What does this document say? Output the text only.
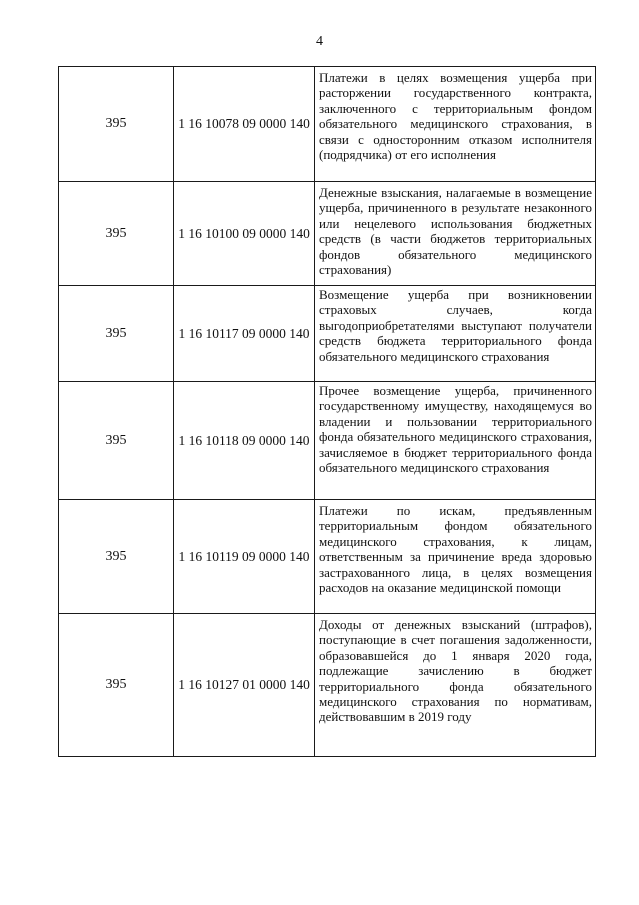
4
395	1 16 10078 09 0000 140	Платежи в целях возмещения ущерба при расторжении государственного контракта, заключенного с территориальным фондом обязательного медицинского страхования, в связи с односторонним отказом исполнителя (подрядчика) от его исполнения
395	1 16 10100 09 0000 140	Денежные взыскания, налагаемые в возмещение ущерба, причиненного в результате незаконного или нецелевого использования бюджетных средств (в части бюджетов территориальных фондов обязательного медицинского страхования)
395	1 16 10117 09 0000 140	Возмещение ущерба при возникновении страховых случаев, когда выгодоприобретателями выступают получатели средств бюджета территориального фонда обязательного медицинского страхования
395	1 16 10118 09 0000 140	Прочее возмещение ущерба, причиненного государственному имуществу, находящемуся во владении и пользовании территориального фонда обязательного медицинского страхования, зачисляемое в бюджет территориального фонда обязательного медицинского страхования
395	1 16 10119 09 0000 140	Платежи по искам, предъявленным территориальным фондом обязательного медицинского страхования, к лицам, ответственным за причинение вреда здоровью застрахованного лица, в целях возмещения расходов на оказание медицинской помощи
395	1 16 10127 01 0000 140	Доходы от денежных взысканий (штрафов), поступающие в счет погашения задолженности, образовавшейся до 1 января 2020 года, подлежащие зачислению в бюджет территориального фонда обязательного медицинского страхования по нормативам, действовавшим в 2019 году
